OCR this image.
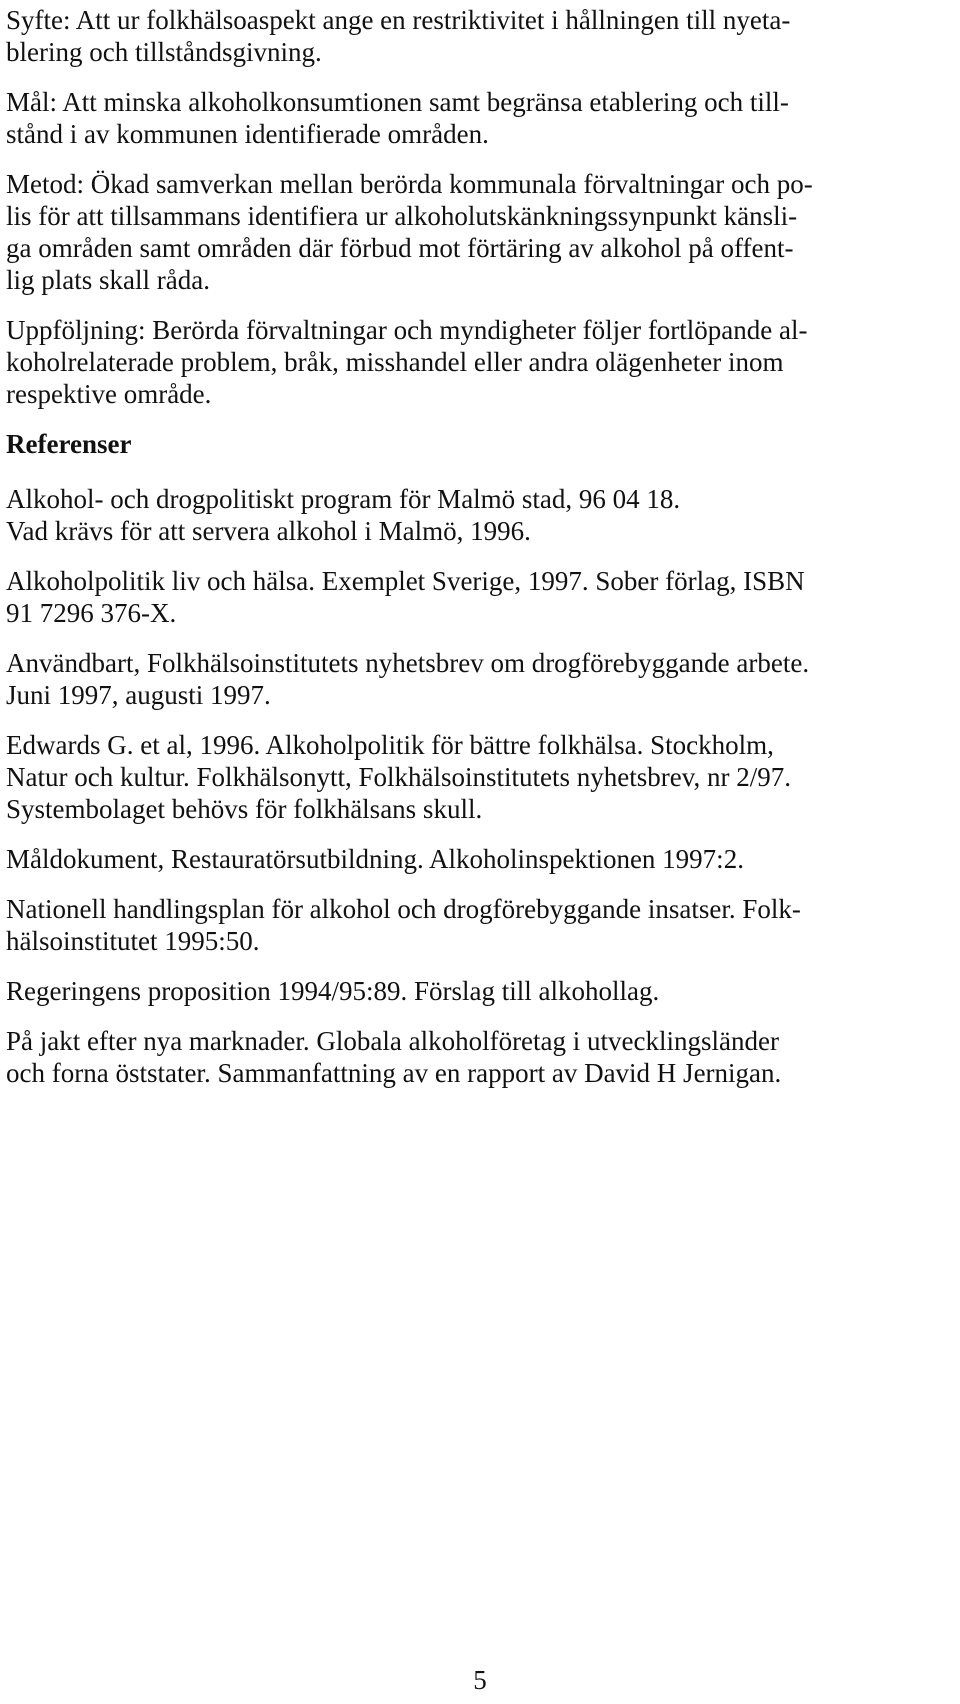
Syfte: Att ur folkhälsoaspekt ange en restriktivitet i hållningen till nyeta-
blering och tillståndsgivning.

Mål: Att minska alkoholkonsumtionen samt begränsa etablering och till-
stånd i av kommunen identifierade områden.

Metod: Ökad samverkan mellan berörda kommunala förvaltningar och po-
lis för att tillsammans identifiera ur alkoholutskänkningssynpunkt känsli-
ga områden samt områden där förbud mot förtäring av alkohol på offent-
lig plats skall råda.

Uppföljning: Berörda förvaltningar och myndigheter följer fortlöpande al-
koholrelaterade problem, bråk, misshandel eller andra olägenheter inom
respektive område.

Referenser

Alkohol- och drogpolitiskt program för Malmö stad, 96 04 18.
Vad krävs för att servera alkohol i Malmö, 1996.

Alkoholpolitik liv och hälsa. Exemplet Sverige, 1997. Sober förlag, ISBN
91 7296 376-X.

Användbart, Folkhälsoinstitutets nyhetsbrev om drogförebyggande arbete.
Juni 1997, augusti 1997.

Edwards G. et al, 1996. Alkoholpolitik för bättre folkhälsa. Stockholm,
Natur och kultur. Folkhälsonytt, Folkhälsoinstitutets nyhetsbrev, nr 2/97.
Systembolaget behövs för folkhälsans skull.

Måldokument, Restauratörsutbildning. Alkoholinspektionen 1997:2.

Nationell handlingsplan för alkohol och drogförebyggande insatser. Folk-
hälsoinstitutet 1995:50.

Regeringens proposition 1994/95:89. Förslag till alkohollag.

På jakt efter nya marknader. Globala alkoholföretag i utvecklingsländer
och forna öststater. Sammanfattning av en rapport av David H Jernigan.

5
